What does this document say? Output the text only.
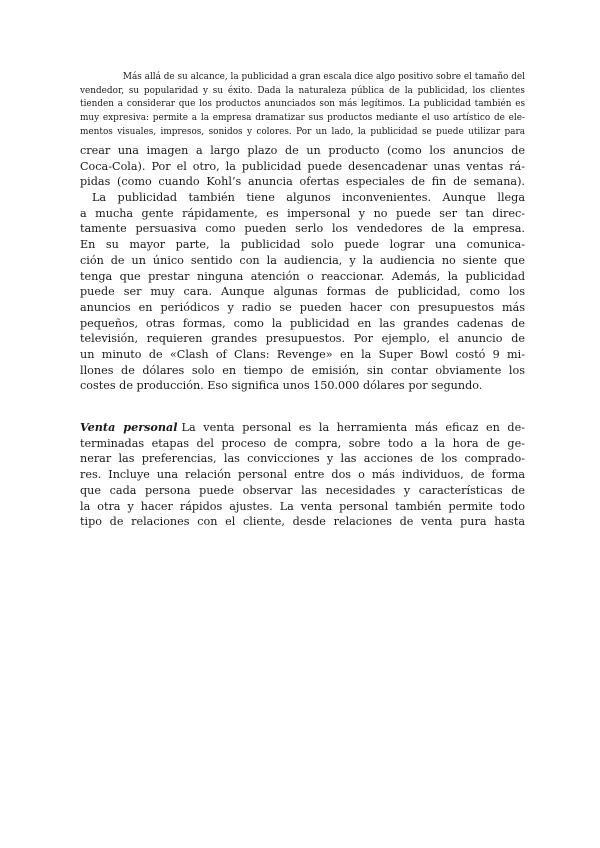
Más allá de su alcance, la publicidad a gran escala dice algo positivo sobre el tamaño del
vendedor, su popularidad y su éxito. Dada la naturaleza pública de la publicidad, los clientes
tienden a considerar que los productos anunciados son más legítimos. La publicidad también es
muy expresiva: permite a la empresa dramatizar sus productos mediante el uso artístico de ele-
mentos visuales, impresos, sonidos y colores. Por un lado, la publicidad se puede utilizar para
crear una imagen a largo plazo de un producto (como los anuncios de
Coca-Cola). Por el otro, la publicidad puede desencadenar unas ventas rá-
pidas (como cuando Kohl’s anuncia ofertas especiales de fin de semana).
La publicidad también tiene algunos inconvenientes. Aunque llega
a mucha gente rápidamente, es impersonal y no puede ser tan direc-
tamente persuasiva como pueden serlo los vendedores de la empresa.
En su mayor parte, la publicidad solo puede lograr una comunica-
ción de un único sentido con la audiencia, y la audiencia no siente que
tenga que prestar ninguna atención o reaccionar. Además, la publicidad
puede ser muy cara. Aunque algunas formas de publicidad, como los
anuncios en periódicos y radio se pueden hacer con presupuestos más
pequeños, otras formas, como la publicidad en las grandes cadenas de
televisión, requieren grandes presupuestos. Por ejemplo, el anuncio de
un minuto de «Clash of Clans: Revenge» en la Super Bowl costó 9 mi-
llones de dólares solo en tiempo de emisión, sin contar obviamente los
costes de producción. Eso significa unos 150.000 dólares por segundo.
Venta personal La venta personal es la herramienta más eficaz en de-
terminadas etapas del proceso de compra, sobre todo a la hora de ge-
nerar las preferencias, las convicciones y las acciones de los comprado-
res. Incluye una relación personal entre dos o más individuos, de forma
que cada persona puede observar las necesidades y características de
la otra y hacer rápidos ajustes. La venta personal también permite todo
tipo de relaciones con el cliente, desde relaciones de venta pura hasta
